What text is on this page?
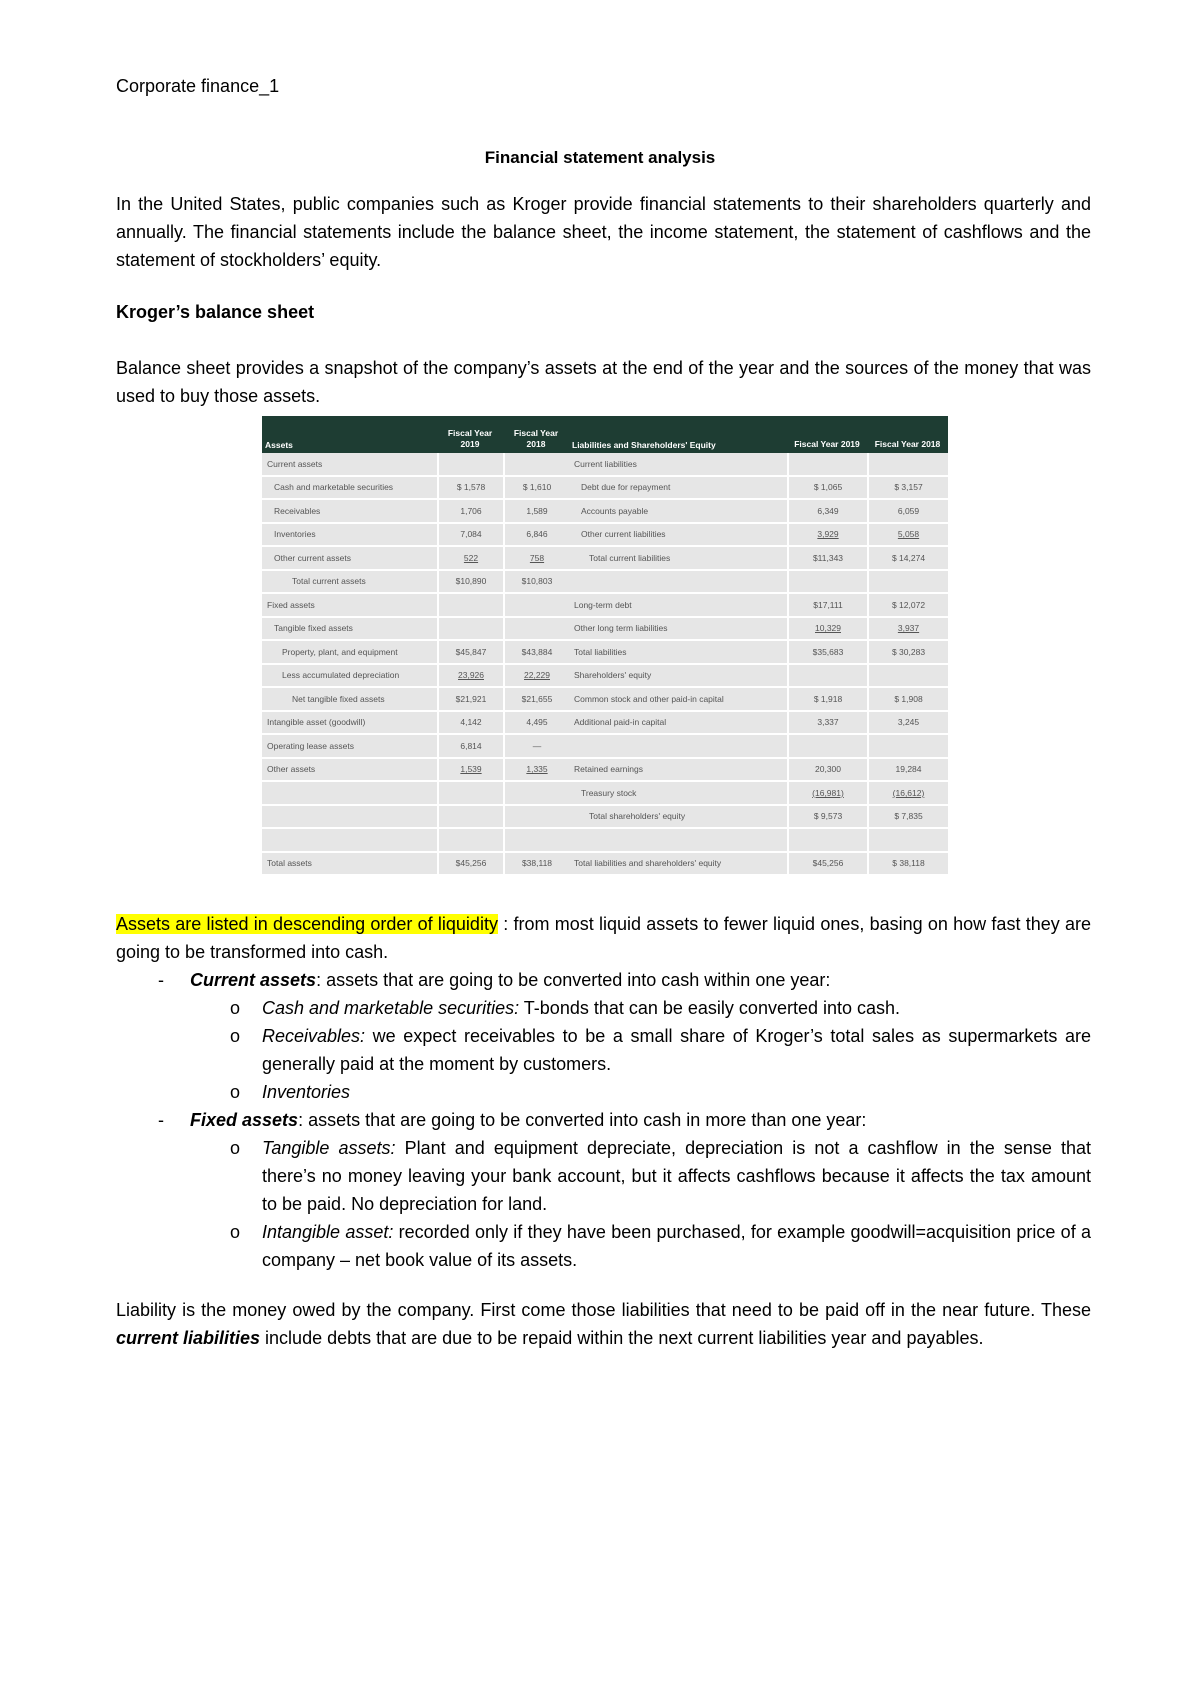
Corporate finance_1
Financial statement analysis
In the United States, public companies such as Kroger provide financial statements to their shareholders quarterly and annually. The financial statements include the balance sheet, the income statement, the statement of cashflows and the statement of stockholders’ equity.
Kroger’s balance sheet
Balance sheet provides a snapshot of the company’s assets at the end of the year and the sources of the money that was used to buy those assets.
Assets	Fiscal Year 2019	Fiscal Year 2018	Liabilities and Shareholders' Equity	Fiscal Year 2019	Fiscal Year 2018
Current assets			Current liabilities		
Cash and marketable securities	$ 1,578	$ 1,610	Debt due for repayment	$ 1,065	$ 3,157
Receivables	1,706	1,589	Accounts payable	6,349	6,059
Inventories	7,084	6,846	Other current liabilities	3,929	5,058
Other current assets	522	758	Total current liabilities	$11,343	$ 14,274
Total current assets	$10,890	$10,803			
Fixed assets			Long-term debt	$17,111	$ 12,072
Tangible fixed assets			Other long term liabilities	10,329	3,937
Property, plant, and equipment	$45,847	$43,884	Total liabilities	$35,683	$ 30,283
Less accumulated depreciation	23,926	22,229	Shareholders' equity		
Net tangible fixed assets	$21,921	$21,655	Common stock and other paid-in capital	$ 1,918	$ 1,908
Intangible asset (goodwill)	4,142	4,495	Additional paid-in capital	3,337	3,245
Operating lease assets	6,814	—			
Other assets	1,539	1,335	Retained earnings	20,300	19,284
			Treasury stock	(16,981)	(16,612)
			Total shareholders' equity	$ 9,573	$ 7,835

Total assets	$45,256	$38,118	Total liabilities and shareholders' equity	$45,256	$ 38,118
Assets are listed in descending order of liquidity : from most liquid assets to fewer liquid ones, basing on how fast they are going to be transformed into cash.
- Current assets: assets that are going to be converted into cash within one year:
o Cash and marketable securities: T-bonds that can be easily converted into cash.
o Receivables: we expect receivables to be a small share of Kroger’s total sales as supermarkets are generally paid at the moment by customers.
o Inventories
- Fixed assets: assets that are going to be converted into cash in more than one year:
o Tangible assets: Plant and equipment depreciate, depreciation is not a cashflow in the sense that there’s no money leaving your bank account, but it affects cashflows because it affects the tax amount to be paid. No depreciation for land.
o Intangible asset: recorded only if they have been purchased, for example goodwill=acquisition price of a company – net book value of its assets.
Liability is the money owed by the company. First come those liabilities that need to be paid off in the near future. These current liabilities include debts that are due to be repaid within the next current liabilities year and payables.
